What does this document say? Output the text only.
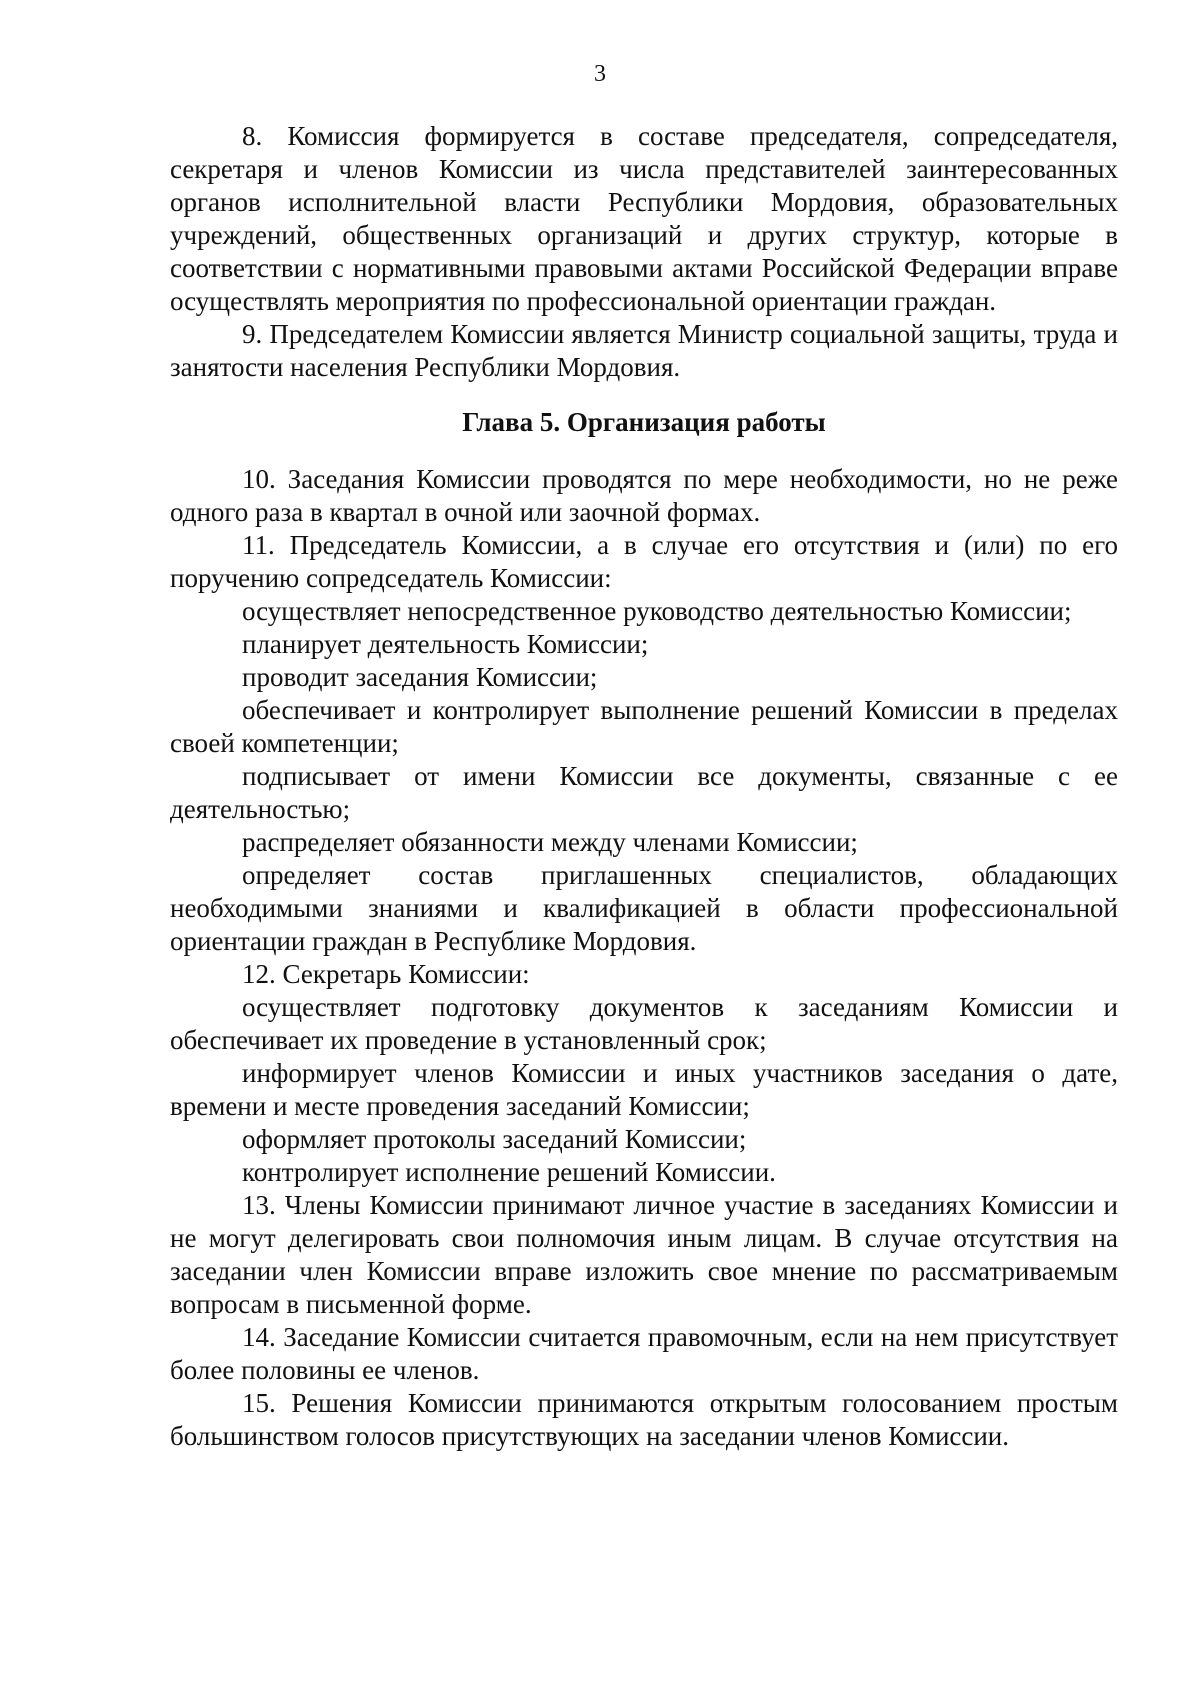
3

8. Комиссия формируется в составе председателя, сопредседателя, секретаря и членов Комиссии из числа представителей заинтересованных органов исполнительной власти Республики Мордовия, образовательных учреждений, общественных организаций и других структур, которые в соответствии с нормативными правовыми актами Российской Федерации вправе осуществлять мероприятия по профессиональной ориентации граждан.

9. Председателем Комиссии является Министр социальной защиты, труда и занятости населения Республики Мордовия.

Глава 5. Организация работы

10. Заседания Комиссии проводятся по мере необходимости, но не реже одного раза в квартал в очной или заочной формах.

11. Председатель Комиссии, а в случае его отсутствия и (или) по его поручению сопредседатель Комиссии:

осуществляет непосредственное руководство деятельностью Комиссии;

планирует деятельность Комиссии;

проводит заседания Комиссии;

обеспечивает и контролирует выполнение решений Комиссии в пределах своей компетенции;

подписывает от имени Комиссии все документы, связанные с ее деятельностью;

распределяет обязанности между членами Комиссии;

определяет состав приглашенных специалистов, обладающих необходимыми знаниями и квалификацией в области профессиональной ориентации граждан в Республике Мордовия.

12. Секретарь Комиссии:

осуществляет подготовку документов к заседаниям Комиссии и обеспечивает их проведение в установленный срок;

информирует членов Комиссии и иных участников заседания о дате, времени и месте проведения заседаний Комиссии;

оформляет протоколы заседаний Комиссии;

контролирует исполнение решений Комиссии.

13. Члены Комиссии принимают личное участие в заседаниях Комиссии и не могут делегировать свои полномочия иным лицам. В случае отсутствия на заседании член Комиссии вправе изложить свое мнение по рассматриваемым вопросам в письменной форме.

14. Заседание Комиссии считается правомочным, если на нем присутствует более половины ее членов.

15. Решения Комиссии принимаются открытым голосованием простым большинством голосов присутствующих на заседании членов Комиссии.
